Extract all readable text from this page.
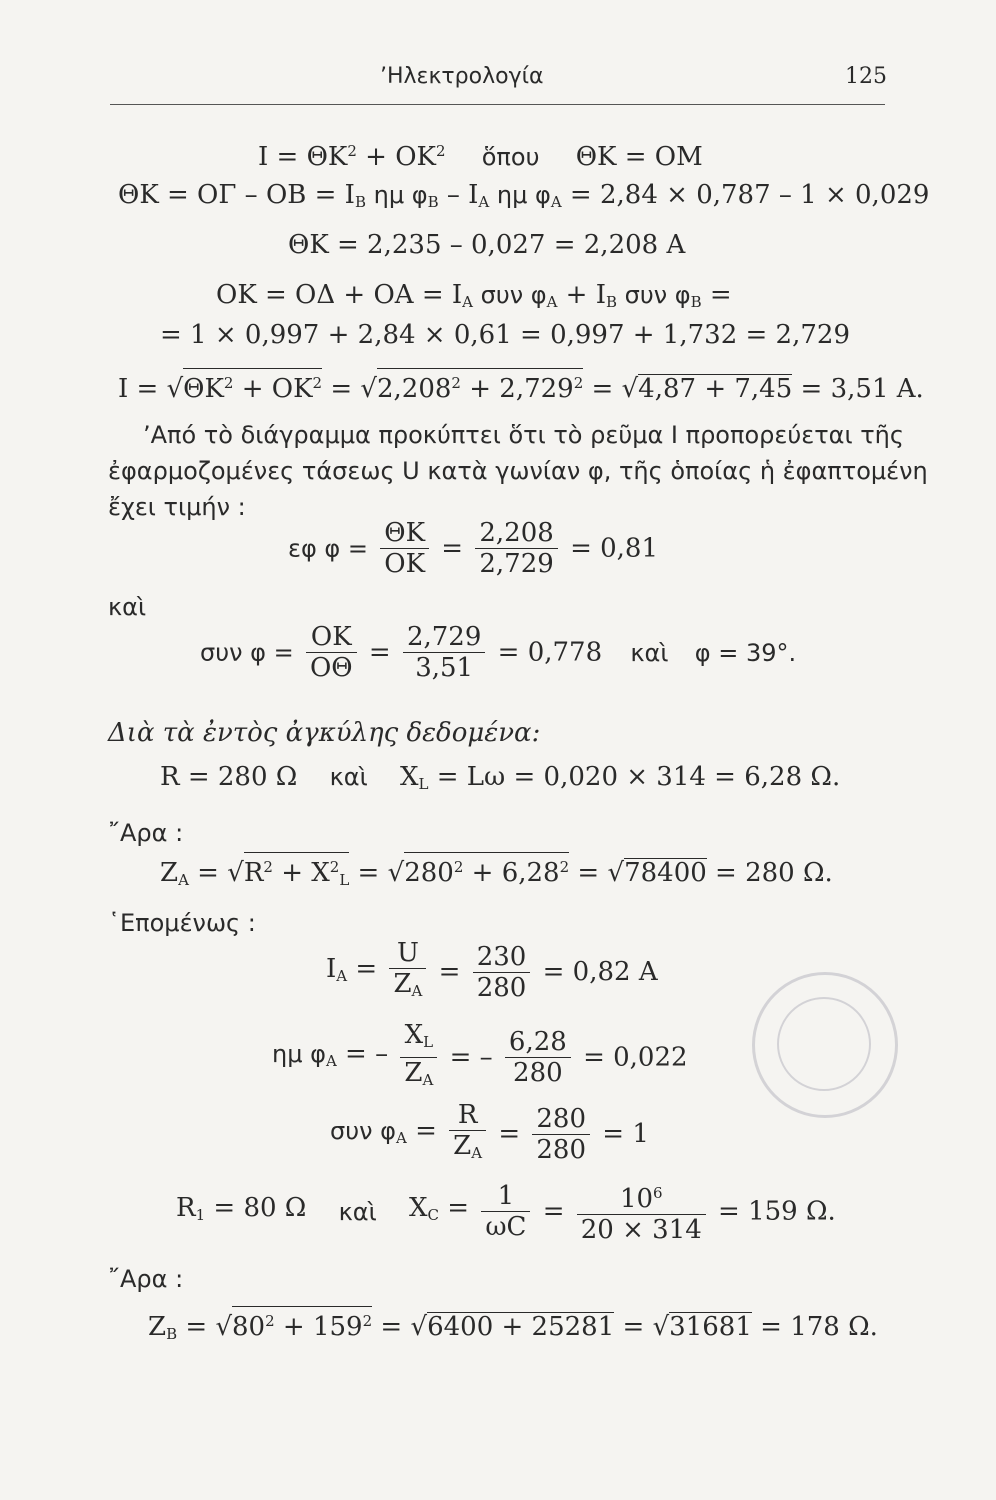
’Ηλεκτρολογία	125
$I = \Theta K^2 + OK^2$ ὅπου ΘK = OM
ΘK = OΓ – OB = $I_B$ ημ $\varphi_B - I_A$ ημ $\varphi_A = 2,84 \times 0,787 - 1 \times 0,029$
ΘK = 2,235 – 0,027 = 2,208 A
OK = OΔ + OA = $I_A$ συν $\varphi_A + I_B$ συν $\varphi_B$ =
= 1 × 0,997 + 2,84 × 0,61 = 0,997 + 1,732 = 2,729
$I = √\Theta K^2 + OK^2 = √2,208^2 + 2,729^2 = √4,87 + 7,45 = 3,51$ A.
’Από τὸ διάγραμμα προκύπτει ὅτι τὸ ρεῦμα I προπορεύεται τῆς
ἐφαρμοζομένες τάσεως U κατὰ γωνίαν φ, τῆς ὁποίας ἡ ἐφαπτομένη
ἔχει τιμήν :
εφ $\varphi = \frac{\Theta K}{OK} = \frac{2,208}{2,729} = 0,81$
καὶ
συν $\varphi = \frac{OK}{O\Theta} = \frac{2,729}{3,51} = 0,778$ καὶ φ = 39°.
Διὰ τὰ ἐντὸς ἀγκύλης δεδομένα:
R = 280 Ω καὶ $X_L = L\omega = 0,020 \times 314 = 6,28$ Ω.
῎Αρα :
$Z_A = √R^2 + X^2_L = √280^2 + 6,28^2 = √78400 = 280$ Ω.
῾Επομένως :
$I_A = \frac{U}{Z_A} = \frac{230}{280} = 0,82$ A
ημ $\varphi_A$ = – $\frac{X_L}{Z_A}$ = – $\frac{6,28}{280} = 0,022$
συν $\varphi_A = \frac{R}{Z_A} = \frac{280}{280} = 1$
$R_1 = 80$ Ω καὶ $X_C = \frac{1}{\omega C} = \frac{10^6}{20 \times 314} = 159$ Ω.
῎Αρα :
$Z_B = √80^2 + 159^2 = √6400 + 25281 = √31681 = 178$ Ω.
